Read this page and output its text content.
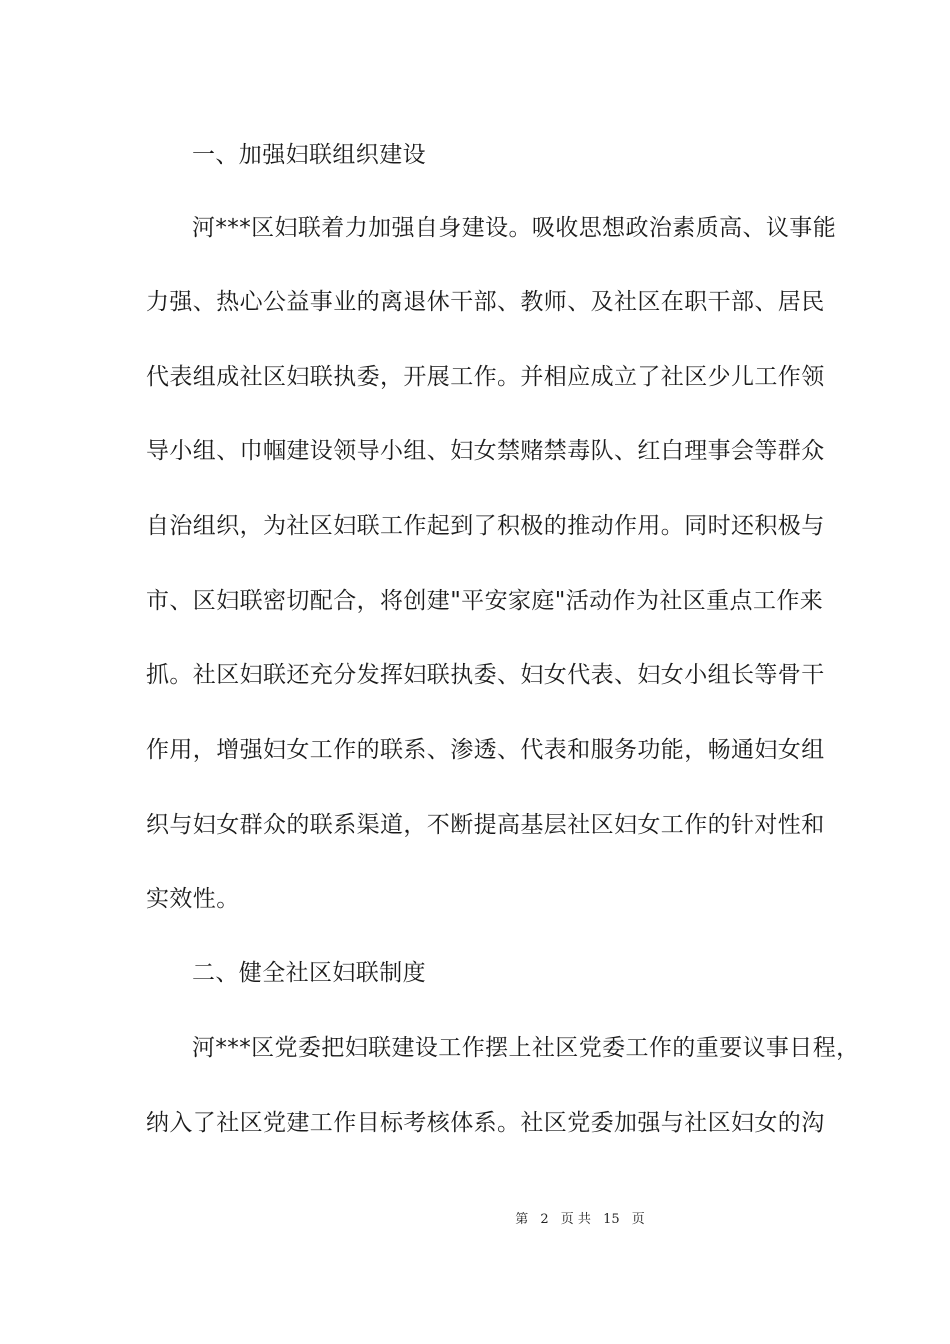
一、加强妇联组织建设
河***区妇联着力加强自身建设。吸收思想政治素质高、议事能
力强、热心公益事业的离退休干部、教师、及社区在职干部、居民
代表组成社区妇联执委，开展工作。并相应成立了社区少儿工作领
导小组、巾帼建设领导小组、妇女禁赌禁毒队、红白理事会等群众
自治组织，为社区妇联工作起到了积极的推动作用。同时还积极与
市、区妇联密切配合，将创建"平安家庭"活动作为社区重点工作来
抓。社区妇联还充分发挥妇联执委、妇女代表、妇女小组长等骨干
作用，增强妇女工作的联系、渗透、代表和服务功能，畅通妇女组
织与妇女群众的联系渠道，不断提高基层社区妇女工作的针对性和
实效性。
二、健全社区妇联制度
河***区党委把妇联建设工作摆上社区党委工作的重要议事日程，
纳入了社区党建工作目标考核体系。社区党委加强与社区妇女的沟
第 2 页 共 15 页
